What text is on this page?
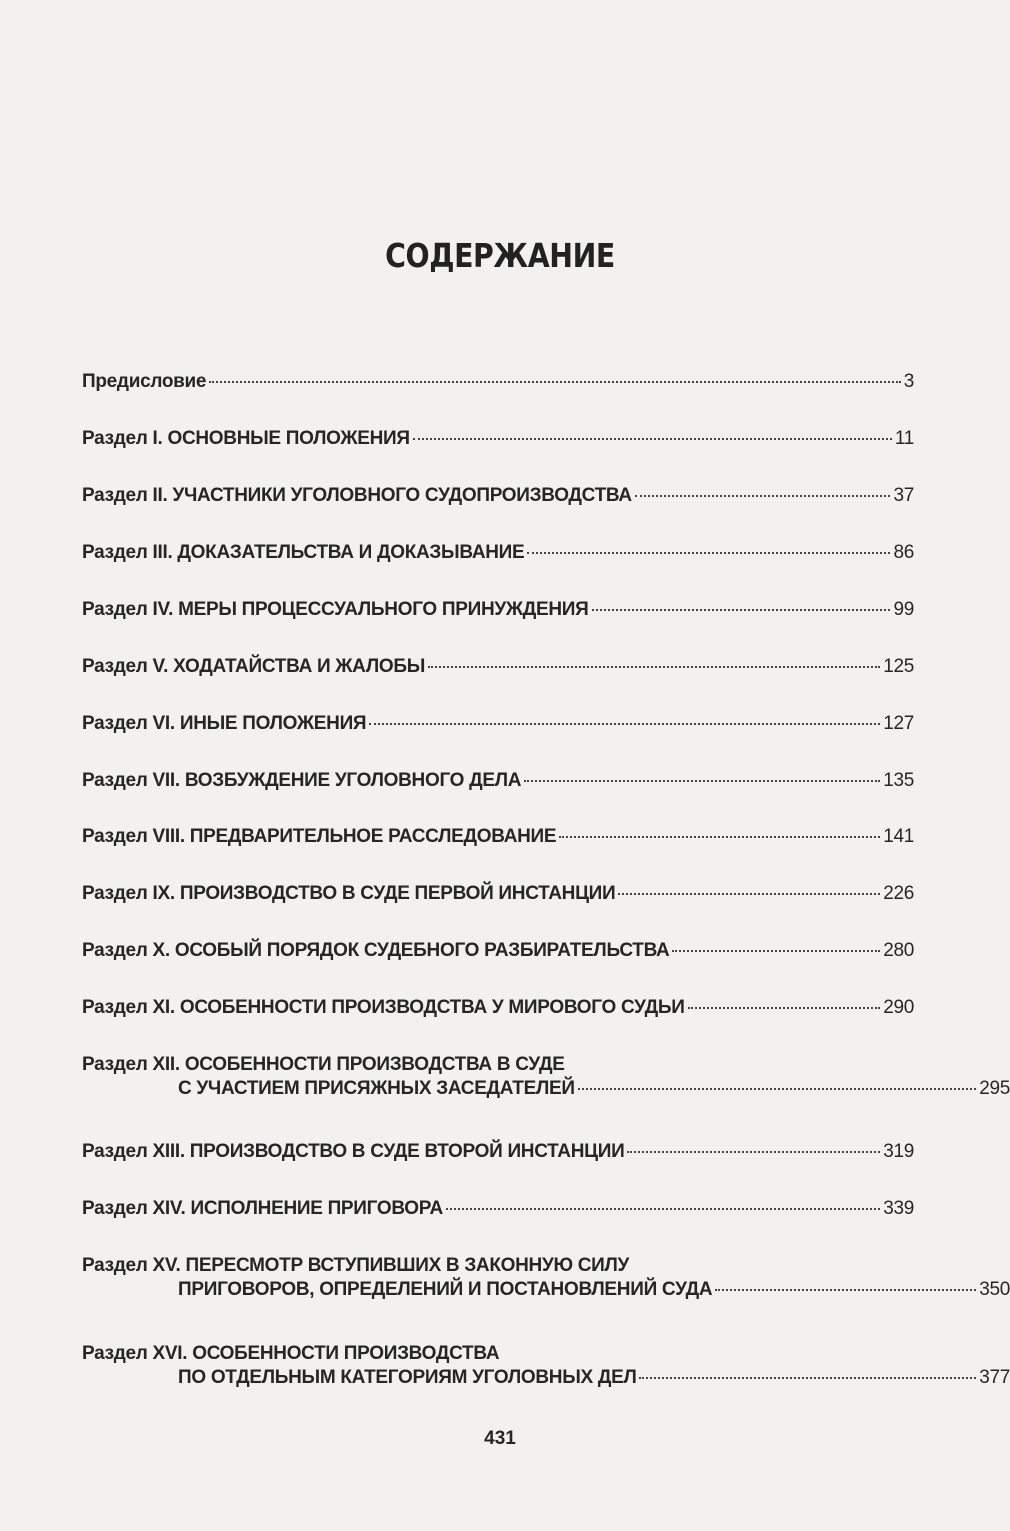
СОДЕРЖАНИЕ
Предисловие	3
Раздел I. ОСНОВНЫЕ ПОЛОЖЕНИЯ	11
Раздел II. УЧАСТНИКИ УГОЛОВНОГО СУДОПРОИЗВОДСТВА	37
Раздел III. ДОКАЗАТЕЛЬСТВА И ДОКАЗЫВАНИЕ	86
Раздел IV. МЕРЫ ПРОЦЕССУАЛЬНОГО ПРИНУЖДЕНИЯ	99
Раздел V. ХОДАТАЙСТВА И ЖАЛОБЫ	125
Раздел VI. ИНЫЕ ПОЛОЖЕНИЯ	127
Раздел VII. ВОЗБУЖДЕНИЕ УГОЛОВНОГО ДЕЛА	135
Раздел VIII. ПРЕДВАРИТЕЛЬНОЕ РАССЛЕДОВАНИЕ	141
Раздел IX. ПРОИЗВОДСТВО В СУДЕ ПЕРВОЙ ИНСТАНЦИИ	226
Раздел X. ОСОБЫЙ ПОРЯДОК СУДЕБНОГО РАЗБИРАТЕЛЬСТВА	280
Раздел XI. ОСОБЕННОСТИ ПРОИЗВОДСТВА У МИРОВОГО СУДЬИ	290
Раздел XII. ОСОБЕННОСТИ ПРОИЗВОДСТВА В СУДЕ
С УЧАСТИЕМ ПРИСЯЖНЫХ ЗАСЕДАТЕЛЕЙ	295
Раздел XIII. ПРОИЗВОДСТВО В СУДЕ ВТОРОЙ ИНСТАНЦИИ	319
Раздел XIV. ИСПОЛНЕНИЕ ПРИГОВОРА	339
Раздел XV. ПЕРЕСМОТР ВСТУПИВШИХ В ЗАКОННУЮ СИЛУ
ПРИГОВОРОВ, ОПРЕДЕЛЕНИЙ И ПОСТАНОВЛЕНИЙ СУДА	350
Раздел XVI. ОСОБЕННОСТИ ПРОИЗВОДСТВА
ПО ОТДЕЛЬНЫМ КАТЕГОРИЯМ УГОЛОВНЫХ ДЕЛ	377
431
